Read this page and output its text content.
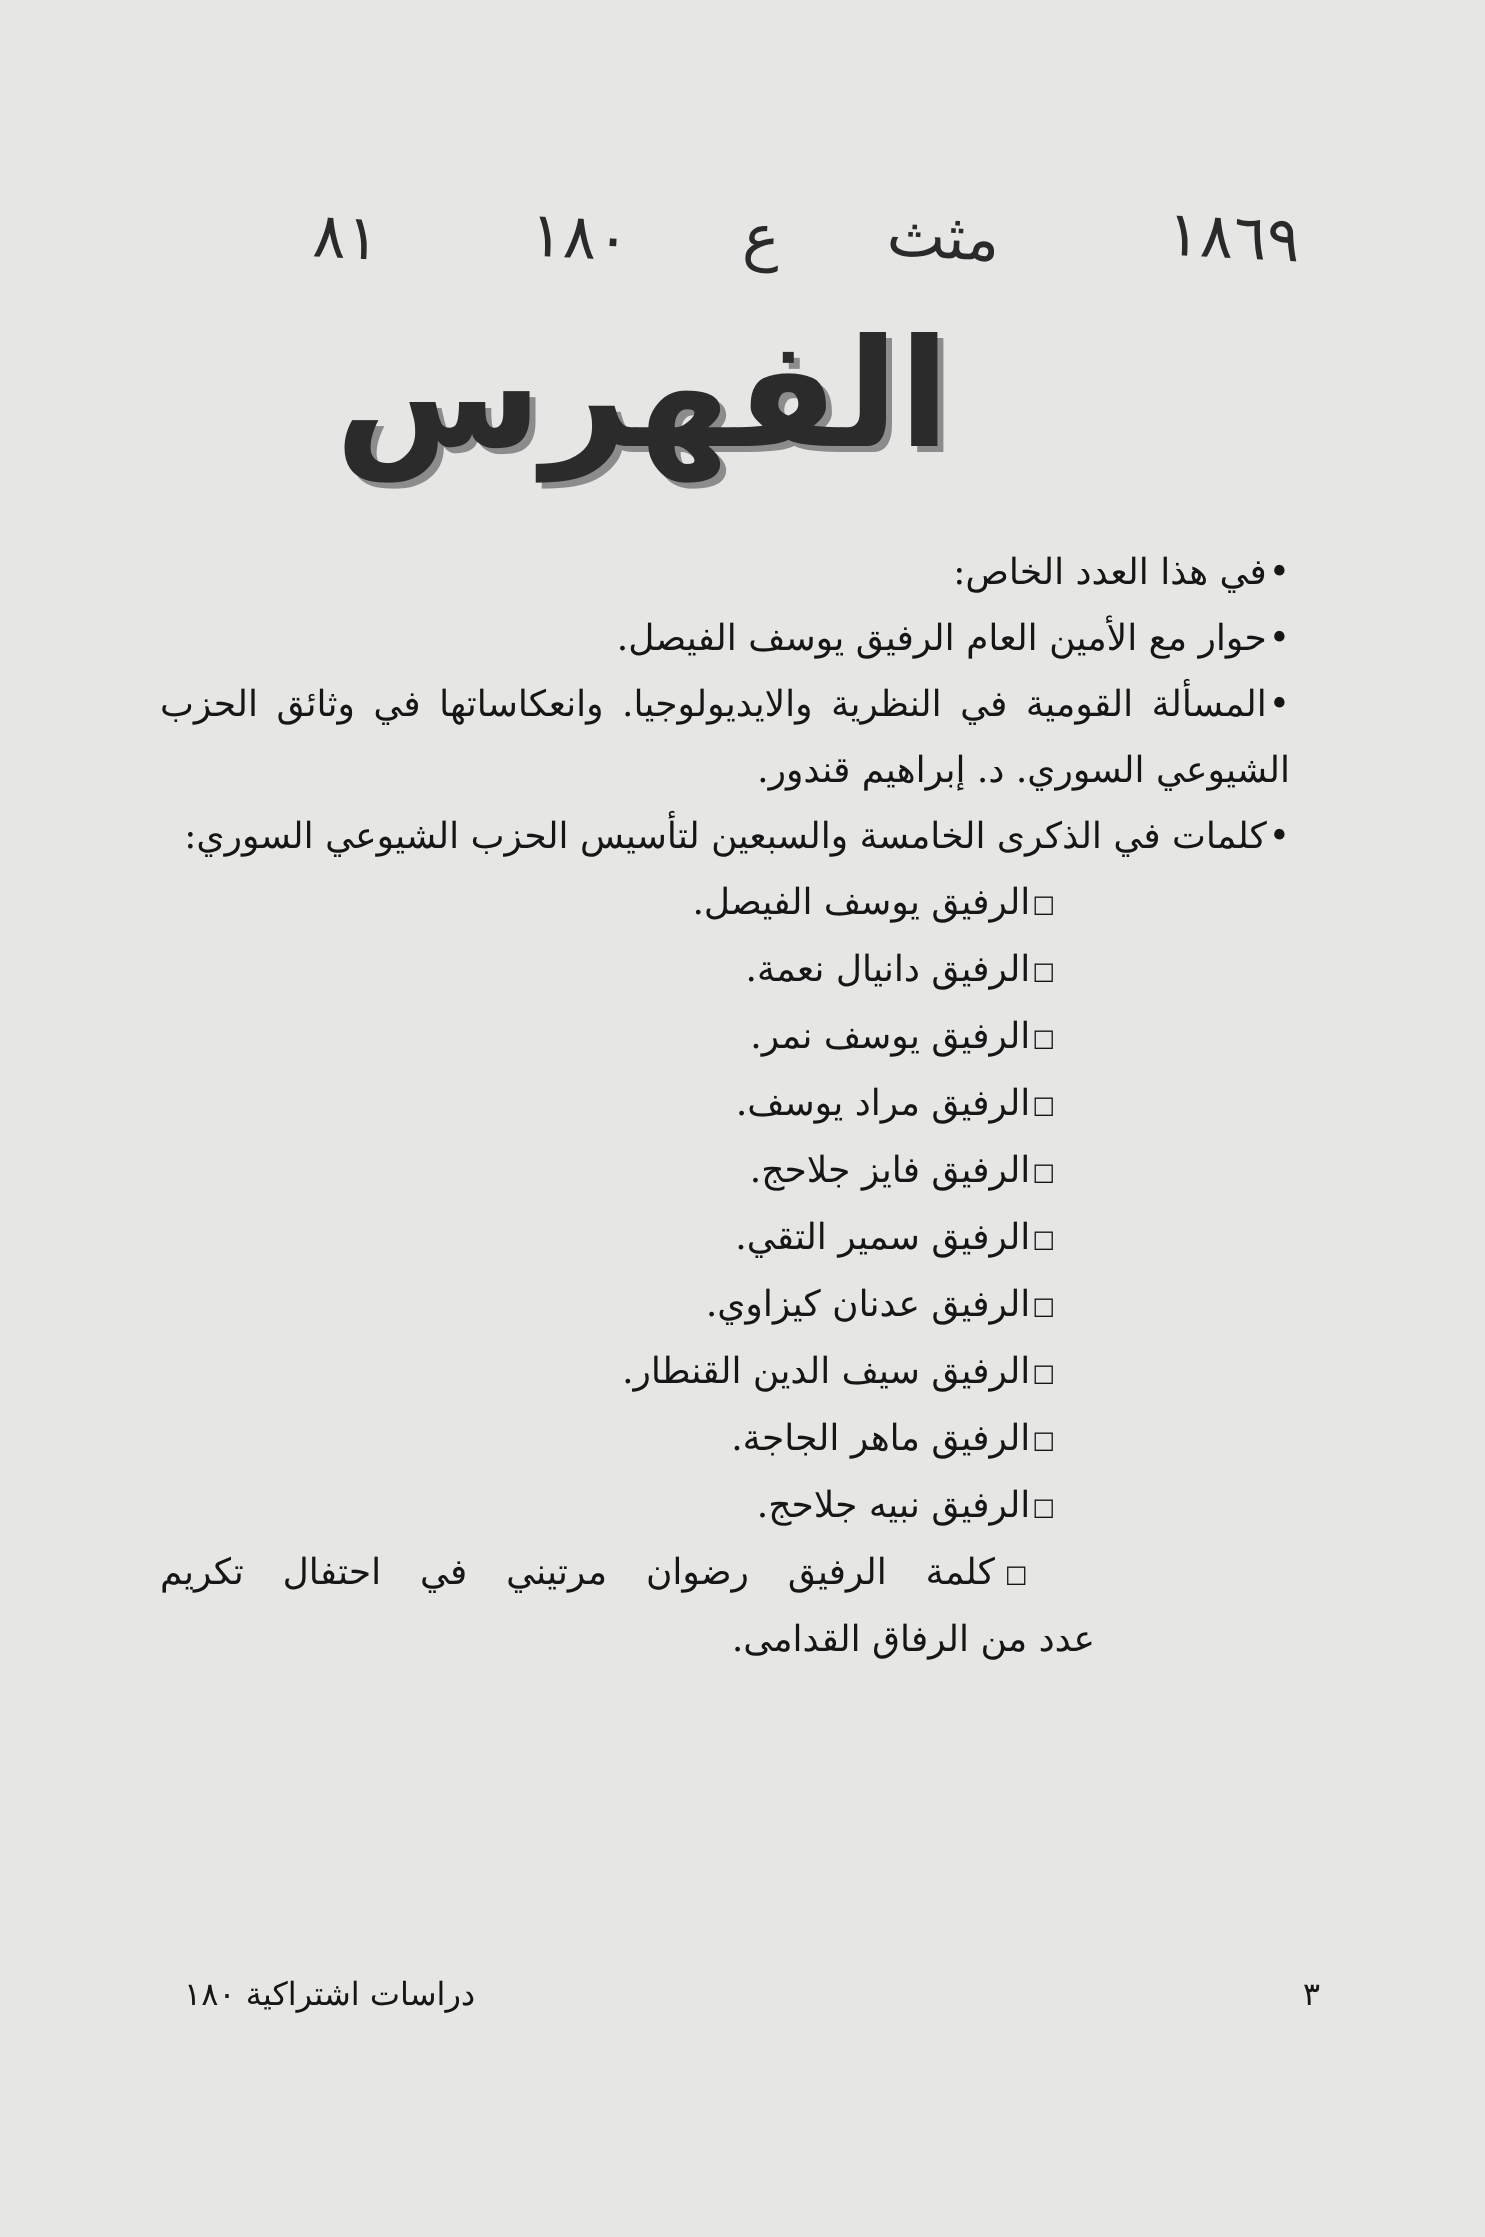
١٨٦٩
مثث
ع
١٨٠
٨١
الفهرس

• في هذا العدد الخاص:

• حوار مع الأمين العام الرفيق يوسف الفيصل.

• المسألة القومية في النظرية والايديولوجيا. وانعكاساتها في وثائق الحزب

الشيوعي السوري. د. إبراهيم قندور.

• كلمات في الذكرى الخامسة والسبعين لتأسيس الحزب الشيوعي السوري:

□ الرفيق يوسف الفيصل.

□ الرفيق دانيال نعمة.

□ الرفيق يوسف نمر.

□ الرفيق مراد يوسف.

□ الرفيق فايز جلاحج.

□ الرفيق سمير التقي.

□ الرفيق عدنان كيزاوي.

□ الرفيق سيف الدين القنطار.

□ الرفيق ماهر الجاجة.

□ الرفيق نبيه جلاحج.

□كلمة الرفيق رضوان مرتيني في احتفال تكريم

عدد من الرفاق القدامى.

٣
دراسات اشتراكية ١٨٠
